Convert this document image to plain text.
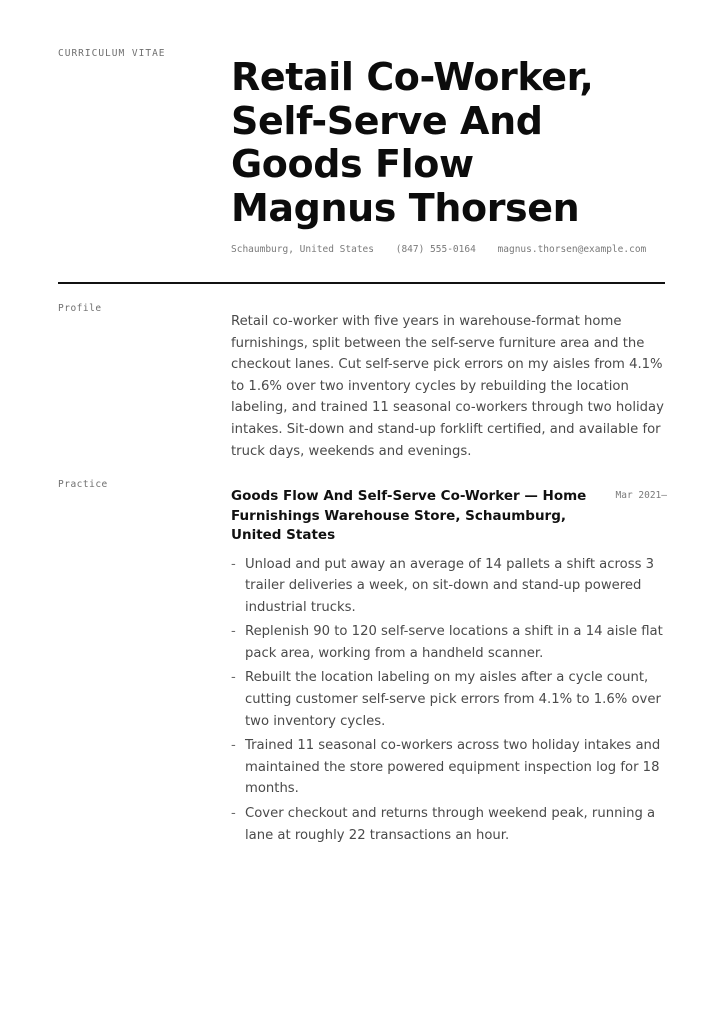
CURRICULUM VITAE
Retail Co-Worker,
Self-Serve And
Goods Flow
Magnus Thorsen
Schaumburg, United States (847) 555-0164 magnus.thorsen@example.com
Profile

Retail co-worker with five years in warehouse-format home furnishings, split between the self-serve furniture area and the checkout lanes. Cut self-serve pick errors on my aisles from 4.1% to 1.6% over two inventory cycles by rebuilding the location labeling, and trained 11 seasonal co-workers through two holiday intakes. Sit-down and stand-up forklift certified, and available for truck days, weekends and evenings.

Practice

Goods Flow And Self-Serve Co-Worker — Home Furnishings Warehouse Store, Schaumburg, United States

Mar 2021–
- Unload and put away an average of 14 pallets a shift across 3 trailer deliveries a week, on sit-down and stand-up powered industrial trucks.
- Replenish 90 to 120 self-serve locations a shift in a 14 aisle flat pack area, working from a handheld scanner.
- Rebuilt the location labeling on my aisles after a cycle count, cutting customer self-serve pick errors from 4.1% to 1.6% over two inventory cycles.
- Trained 11 seasonal co-workers across two holiday intakes and maintained the store powered equipment inspection log for 18 months.
- Cover checkout and returns through weekend peak, running a lane at roughly 22 transactions an hour.
